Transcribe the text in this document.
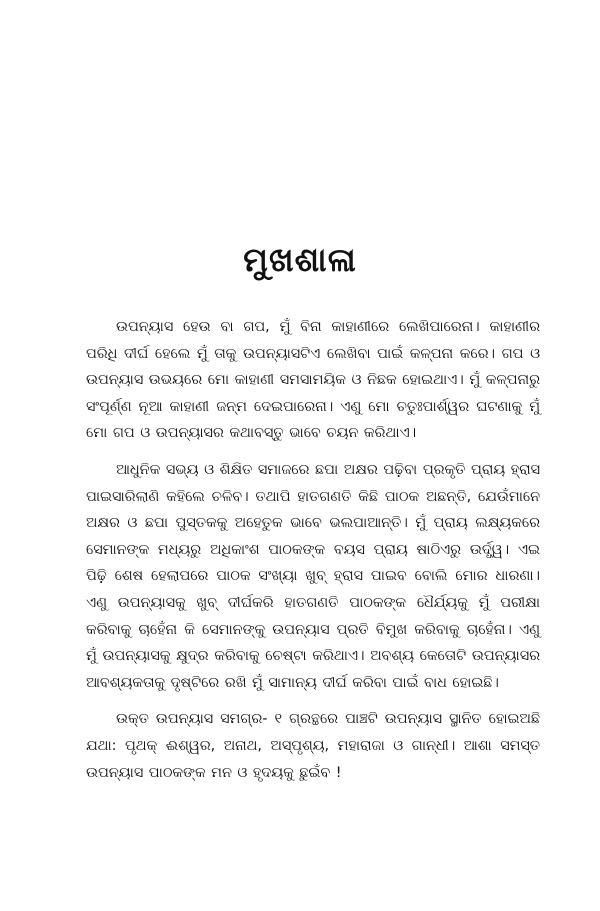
ମୁଖଶାଳା

ଉପନ୍ୟାସ ହେଉ ବା ଗପ, ମୁଁ ବିନା କାହାଣୀରେ ଲେଖିପାରେନା। କାହାଣୀର ପରିଧି ଦୀର୍ଘ ହେଲେ ମୁଁ ତାକୁ ଉପନ୍ୟାସଟିଏ ଲେଖିବା ପାଇଁ କଳ୍ପନା କରେ। ଗପ ଓ ଉପନ୍ୟାସ ଉଭୟରେ ମୋ କାହାଣୀ ସମସାମୟିକ ଓ ନିଛକ ହୋଇଥାଏ। ମୁଁ କଳ୍ପନାରୁ ସଂପୂର୍ଣ୍ଣ ନୂଆ କାହାଣୀ ଜନ୍ମ ଦେଇପାରେନା। ଏଣୁ ମୋ ଚତୁଃପାର୍ଶ୍ୱର ଘଟଣାକୁ ମୁଁ ମୋ ଗପ ଓ ଉପନ୍ୟାସର କଥାବସ୍ତୁ ଭାବେ ଚୟନ କରିଥାଏ।

ଆଧୁନିକ ସଭ୍ୟ ଓ ଶିକ୍ଷିତ ସମାଜରେ ଛପା ଅକ୍ଷର ପଢ଼ିବା ପ୍ରକୃତି ପ୍ରାୟ ହ୍ରାସ ପାଇସାରିଲାଣି କହିଲେ ଚଳିବ। ତଥାପି ହାତଗଣତି କିଛି ପାଠକ ଅଛନ୍ତି, ଯେଉଁମାନେ ଅକ୍ଷର ଓ ଛପା ପୁସ୍ତକକୁ ଅହେତୁକ ଭାବେ ଭଲପାଆନ୍ତି। ମୁଁ ପ୍ରାୟ ଲକ୍ଷ୍ୟକରେ ସେମାନଙ୍କ ମଧ୍ୟରୁ ଅଧିକାଂଶ ପାଠକଙ୍କ ବୟସ ପ୍ରାୟ ଷାଠିଏରୁ ଉର୍ଦ୍ଧ୍ୱ। ଏଇ ପିଢ଼ି ଶେଷ ହେଲାପରେ ପାଠକ ସଂଖ୍ୟା ଖୁବ୍ ହ୍ରାସ ପାଇବ ବୋଲି ମୋର ଧାରଣା। ଏଣୁ ଉପନ୍ୟାସକୁ ଖୁବ୍ ଦୀର୍ଘକରି ହାତଗଣତି ପାଠକଙ୍କ ଧୈର୍ଯ୍ୟକୁ ମୁଁ ପରୀକ୍ଷା କରିବାକୁ ଚାହେଁନା କି ସେମାନଙ୍କୁ ଉପନ୍ୟାସ ପ୍ରତି ବିମୁଖ କରିବାକୁ ଚାହେଁନା। ଏଣୁ ମୁଁ ଉପନ୍ୟାସକୁ କ୍ଷୁଦ୍ର କରିବାକୁ ଚେଷ୍ଟା କରିଥାଏ। ଅବଶ୍ୟ କେତୋଟି ଉପନ୍ୟାସର ଆବଶ୍ୟକତାକୁ ଦୃଷ୍ଟିରେ ରଖି ମୁଁ ସାମାନ୍ୟ ଦୀର୍ଘ କରିବା ପାଇଁ ବାଧ ହୋଇଛି।

ଉକ୍ତ ଉପନ୍ୟାସ ସମଗ୍ର- ୧ ଗ୍ରନ୍ଥରେ ପାଞ୍ଚଟି ଉପନ୍ୟାସ ସ୍ଥାନିତ ହୋଇଅଛି ଯଥା: ପୃଥକ୍ ଈଶ୍ୱର, ଅନାଥ, ଅସ୍ପୃଶ୍ୟ, ମହାରାଜା ଓ ଗାନ୍ଧୀ। ଆଶା ସମସ୍ତ ଉପନ୍ୟାସ ପାଠକଙ୍କ ମନ ଓ ହୃଦୟକୁ ଛୁଇଁବ !
